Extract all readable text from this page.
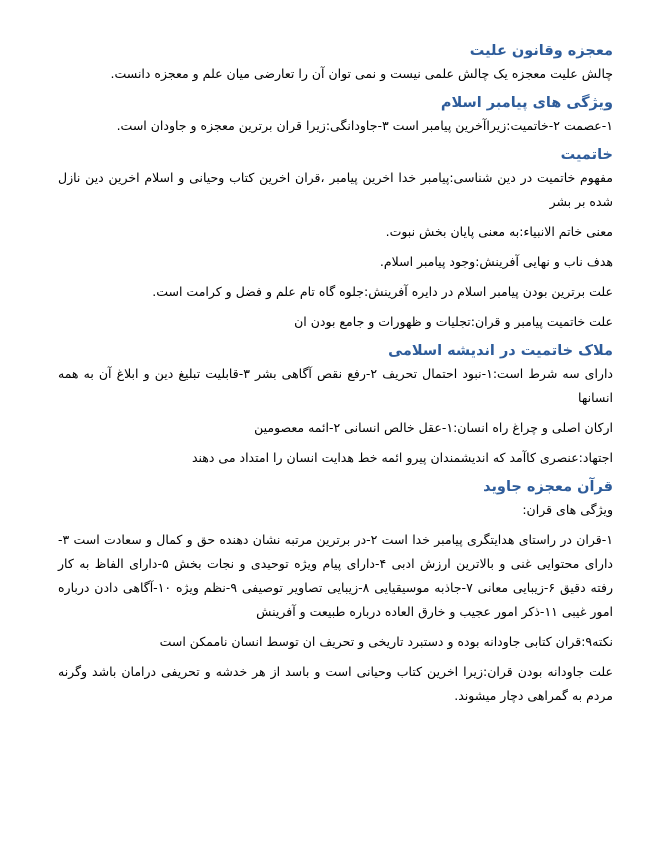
معجزه وقانون علیت
چالش علیت معجزه یک چالش علمی نیست و نمی توان آن را تعارضی میان علم و معجزه دانست.
ویژگی های پیامبر اسلام
۱-عصمت ۲-خاتمیت:زیراآخرین پیامبر است ۳-جاودانگی:زیرا قران برترین معجزه و جاودان است.
خاتمیت
مفهوم خاتمیت در دین شناسی:پیامبر خدا اخرین پیامبر ،قران اخرین کتاب وحیانی و اسلام اخرین دین نازل شده بر بشر
معنی خاتم الانبیاء:به معنی پایان بخش نبوت.
هدف ناب و نهایی آفرینش:وجود پیامبر اسلام.
علت برترین بودن پیامبر اسلام در دایره آفرینش:جلوه گاه تام علم و فضل و کرامت است.
علت خاتمیت پیامبر و قران:تجلیات و ظهورات و جامع بودن ان
ملاک خاتمیت در اندیشه اسلامی
دارای سه شرط است:۱-نبود احتمال تحریف ۲-رفع نقص آگاهی بشر ۳-قابلیت تبلیغ دین و ابلاغ آن به همه انسانها
ارکان اصلی و چراغ راه انسان:۱-عقل خالص انسانی ۲-ائمه معصومین
اجتهاد:عنصری کاآمد که اندیشمندان پیرو ائمه خط هدایت انسان را امتداد می دهند
قرآن معجزه جاوید
ویژگی های قران:
۱-قران در راستای هدایتگری پیامبر خدا است ۲-در برترین مرتبه نشان دهنده حق و کمال و سعادت است ۳-دارای محتوایی غنی و بالاترین ارزش ادبی ۴-دارای پیام ویژه توحیدی و نجات بخش ۵-دارای الفاظ به کار رفته دقیق ۶-زیبایی معانی ۷-جاذبه موسیقیایی ۸-زیبایی تصاویر توصیفی ۹-نظم ویژه ۱۰-آگاهی دادن درباره امور غیبی ۱۱-ذکر امور عجیب و خارق العاده درباره طبیعت و آفرینش
نکته۹:قران کتابی جاودانه بوده و دستبرد تاریخی و تحریف ان توسط انسان ناممکن است
علت جاودانه بودن قران:زیرا اخرین کتاب وحیانی است و باسد از هر خدشه و تحریفی درامان باشد وگرنه مردم به گمراهی دچار میشوند.
